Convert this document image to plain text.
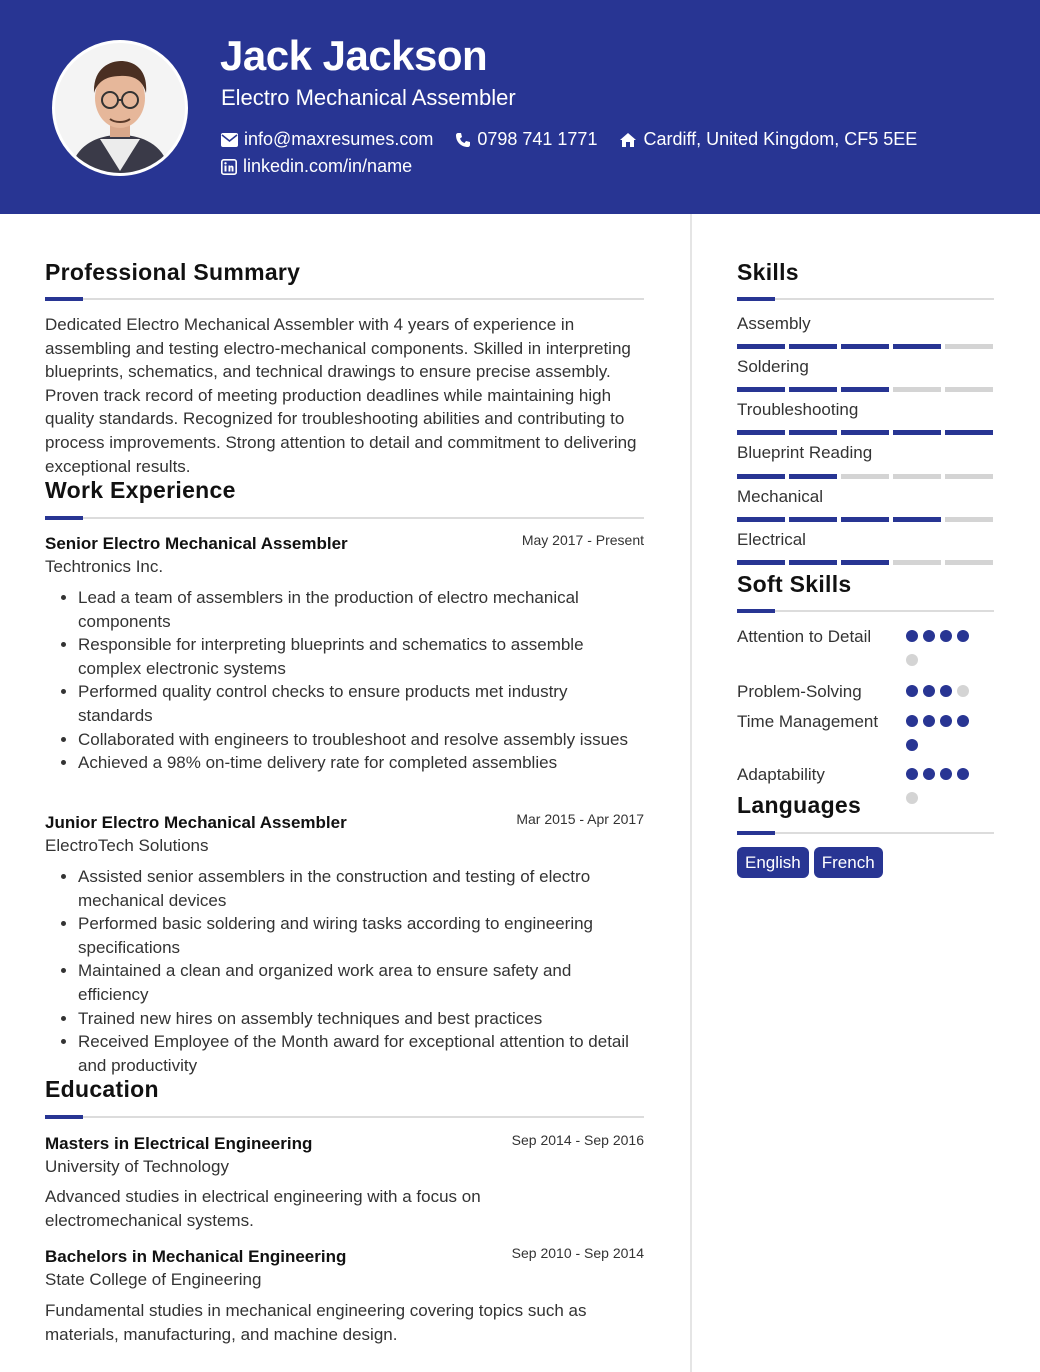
Jack Jackson
Electro Mechanical Assembler
info@maxresumes.com 0798 741 1771	Cardiff, United Kingdom, CF5 5EE
linkedin.com/in/name
Professional Summary
Dedicated Electro Mechanical Assembler with 4 years of experience in assembling and testing electro-mechanical components. Skilled in interpreting blueprints, schematics, and technical drawings to ensure precise assembly. Proven track record of meeting production deadlines while maintaining high quality standards. Recognized for troubleshooting abilities and contributing to process improvements. Strong attention to detail and commitment to delivering exceptional results.
Work Experience
Senior Electro Mechanical Assembler	May 2017 - Present
Techtronics Inc.
• Lead a team of assemblers in the production of electro mechanical components
• Responsible for interpreting blueprints and schematics to assemble complex electronic systems
• Performed quality control checks to ensure products met industry standards
• Collaborated with engineers to troubleshoot and resolve assembly issues
• Achieved a 98% on-time delivery rate for completed assemblies
Junior Electro Mechanical Assembler	Mar 2015 - Apr 2017
ElectroTech Solutions
• Assisted senior assemblers in the construction and testing of electro mechanical devices
• Performed basic soldering and wiring tasks according to engineering specifications
• Maintained a clean and organized work area to ensure safety and efficiency
• Trained new hires on assembly techniques and best practices
• Received Employee of the Month award for exceptional attention to detail and productivity
Education
Masters in Electrical Engineering	Sep 2014 - Sep 2016
University of Technology
Advanced studies in electrical engineering with a focus on electromechanical systems.
Bachelors in Mechanical Engineering	Sep 2010 - Sep 2014
State College of Engineering
Fundamental studies in mechanical engineering covering topics such as materials, manufacturing, and machine design.
Skills
Assembly
Soldering
Troubleshooting
Blueprint Reading
Mechanical
Electrical
Soft Skills
Attention to Detail
Problem-Solving
Time Management
Adaptability
Languages
English	French
